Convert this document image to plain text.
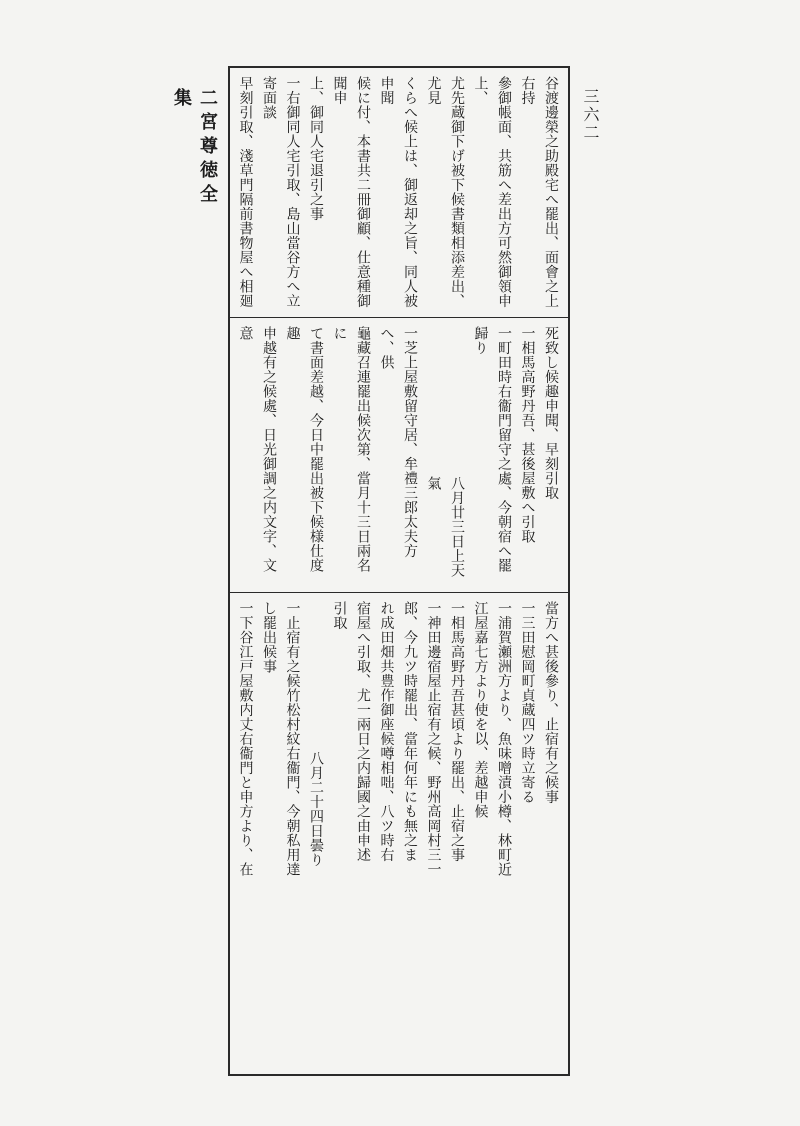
二宮尊徳全集	三六二

谷渡邊榮之助殿宅へ罷出、面會之上右持

參御帳面、共筋へ差出方可然御領申上、

尤先蔵御下げ被下候書類相添差出、尤見

くらへ候上は、御返却之旨、同人被申聞

候に付、本書共二冊御顧、仕意種御聞申

上、御同人宅退引之事

一右御同人宅引取、島山當谷方へ立寄面談

早刻引取、淺草門隔前書物屋へ相廻

死致し候趣申聞、早刻引取

一相馬高野丹吾、甚後屋敷へ引取

一町田時右衞門留守之處、今朝宿へ罷歸り

八月廿三日上天氣

一芝上屋敷留守居、牟禮三郎太夫方へ、供

龜藏召連罷出候次第、當月十三日兩名に

て書面差越、今日中罷出被下候様仕度趣

申越有之候處、日光御調之内文字、文意

當方へ甚後參り、止宿有之候事

一三田慰岡町貞蔵四ツ時立寄る

一浦賀瀬洲方より、魚味噌漬小樽、林町近

江屋嘉七方より使を以、差越申候

一相馬高野丹吾甚頃より罷出、止宿之事

一神田邊宿屋止宿有之候、野州高岡村三一

郎、今九ツ時罷出、當年何年にも無之ま

れ成田畑共豊作御座候噂相咄、八ツ時右

宿屋へ引取、尤一兩日之内歸國之由申述

引取

八月二十四日曇り

一止宿有之候竹松村紋右衞門、今朝私用達

し罷出候事

一下谷江戸屋敷内丈右衞門と申方より、在
